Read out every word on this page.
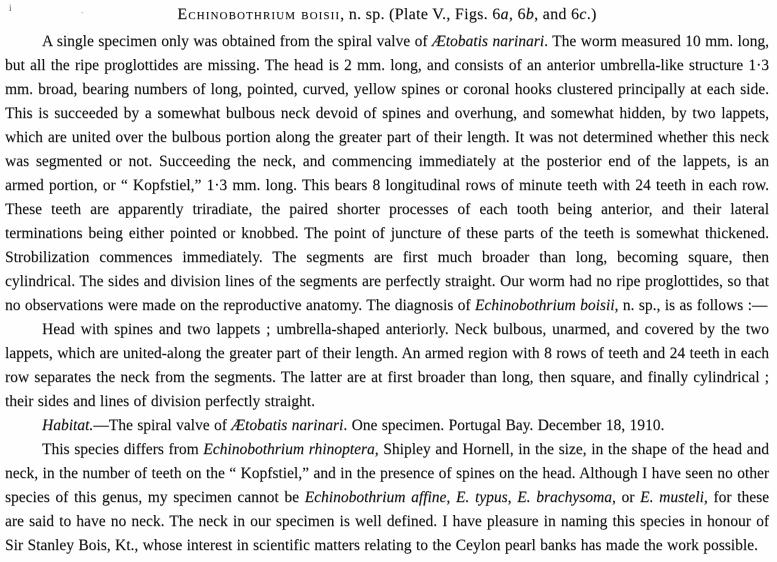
i	-	Echinobothrium boisii, n. sp. (Plate V., Figs. 6a, 6b, and 6c.)

A single specimen only was obtained from the spiral valve of Ætobatis narinari. The worm measured 10 mm. long, but all the ripe proglottides are missing. The head is 2 mm. long, and consists of an anterior umbrella-like structure 1·3 mm. broad, bearing numbers of long, pointed, curved, yellow spines or coronal hooks clustered principally at each side. This is succeeded by a somewhat bulbous neck devoid of spines and overhung, and somewhat hidden, by two lappets, which are united over the bulbous portion along the greater part of their length. It was not determined whether this neck was segmented or not. Succeeding the neck, and commencing immediately at the posterior end of the lappets, is an armed portion, or “ Kopfstiel,” 1·3 mm. long. This bears 8 longitudinal rows of minute teeth with 24 teeth in each row. These teeth are apparently triradiate, the paired shorter processes of each tooth being anterior, and their lateral terminations being either pointed or knobbed. The point of juncture of these parts of the teeth is somewhat thickened. Strobilization commences immediately. The segments are first much broader than long, becoming square, then cylindrical. The sides and division lines of the segments are perfectly straight. Our worm had no ripe proglottides, so that no observations were made on the reproductive anatomy. The diagnosis of Echinobothrium boisii, n. sp., is as follows :—

Head with spines and two lappets ; umbrella-shaped anteriorly. Neck bulbous, unarmed, and covered by the two lappets, which are united-along the greater part of their length. An armed region with 8 rows of teeth and 24 teeth in each row separates the neck from the segments. The latter are at first broader than long, then square, and finally cylindrical ; their sides and lines of division perfectly straight.

Habitat.—The spiral valve of Ætobatis narinari. One specimen. Portugal Bay. December 18, 1910.

This species differs from Echinobothrium rhinoptera, Shipley and Hornell, in the size, in the shape of the head and neck, in the number of teeth on the “ Kopfstiel,” and in the presence of spines on the head. Although I have seen no other species of this genus, my specimen cannot be Echinobothrium affine, E. typus, E. brachysoma, or E. musteli, for these are said to have no neck. The neck in our specimen is well defined. I have pleasure in naming this species in honour of Sir Stanley Bois, Kt., whose interest in scientific matters relating to the Ceylon pearl banks has made the work possible.
